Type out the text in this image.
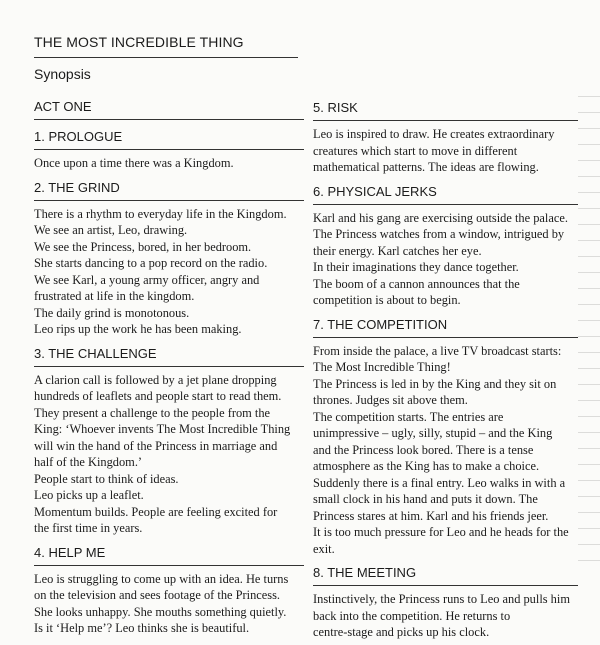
THE MOST INCREDIBLE THING
Synopsis
ACT ONE
1. PROLOGUE
Once upon a time there was a Kingdom.
2. THE GRIND
There is a rhythm to everyday life in the Kingdom.
We see an artist, Leo, drawing.
We see the Princess, bored, in her bedroom.
She starts dancing to a pop record on the radio.
We see Karl, a young army officer, angry and
frustrated at life in the kingdom.
The daily grind is monotonous.
Leo rips up the work he has been making.
3. THE CHALLENGE
A clarion call is followed by a jet plane dropping
hundreds of leaflets and people start to read them.
They present a challenge to the people from the
King: ‘Whoever invents The Most Incredible Thing
will win the hand of the Princess in marriage and
half of the Kingdom.’
People start to think of ideas.
Leo picks up a leaflet.
Momentum builds. People are feeling excited for
the first time in years.
4. HELP ME
Leo is struggling to come up with an idea. He turns
on the television and sees footage of the Princess.
She looks unhappy. She mouths something quietly.
Is it ‘Help me’? Leo thinks she is beautiful.
5. RISK
Leo is inspired to draw. He creates extraordinary
creatures which start to move in different
mathematical patterns. The ideas are flowing.
6. PHYSICAL JERKS
Karl and his gang are exercising outside the palace.
The Princess watches from a window, intrigued by
their energy. Karl catches her eye.
In their imaginations they dance together.
The boom of a cannon announces that the
competition is about to begin.
7. THE COMPETITION
From inside the palace, a live TV broadcast starts:
The Most Incredible Thing!
The Princess is led in by the King and they sit on
thrones. Judges sit above them.
The competition starts. The entries are
unimpressive – ugly, silly, stupid – and the King
and the Princess look bored. There is a tense
atmosphere as the King has to make a choice.
Suddenly there is a final entry. Leo walks in with a
small clock in his hand and puts it down. The
Princess stares at him. Karl and his friends jeer.
It is too much pressure for Leo and he heads for the
exit.
8. THE MEETING
Instinctively, the Princess runs to Leo and pulls him
back into the competition. He returns to
centre-stage and picks up his clock.
